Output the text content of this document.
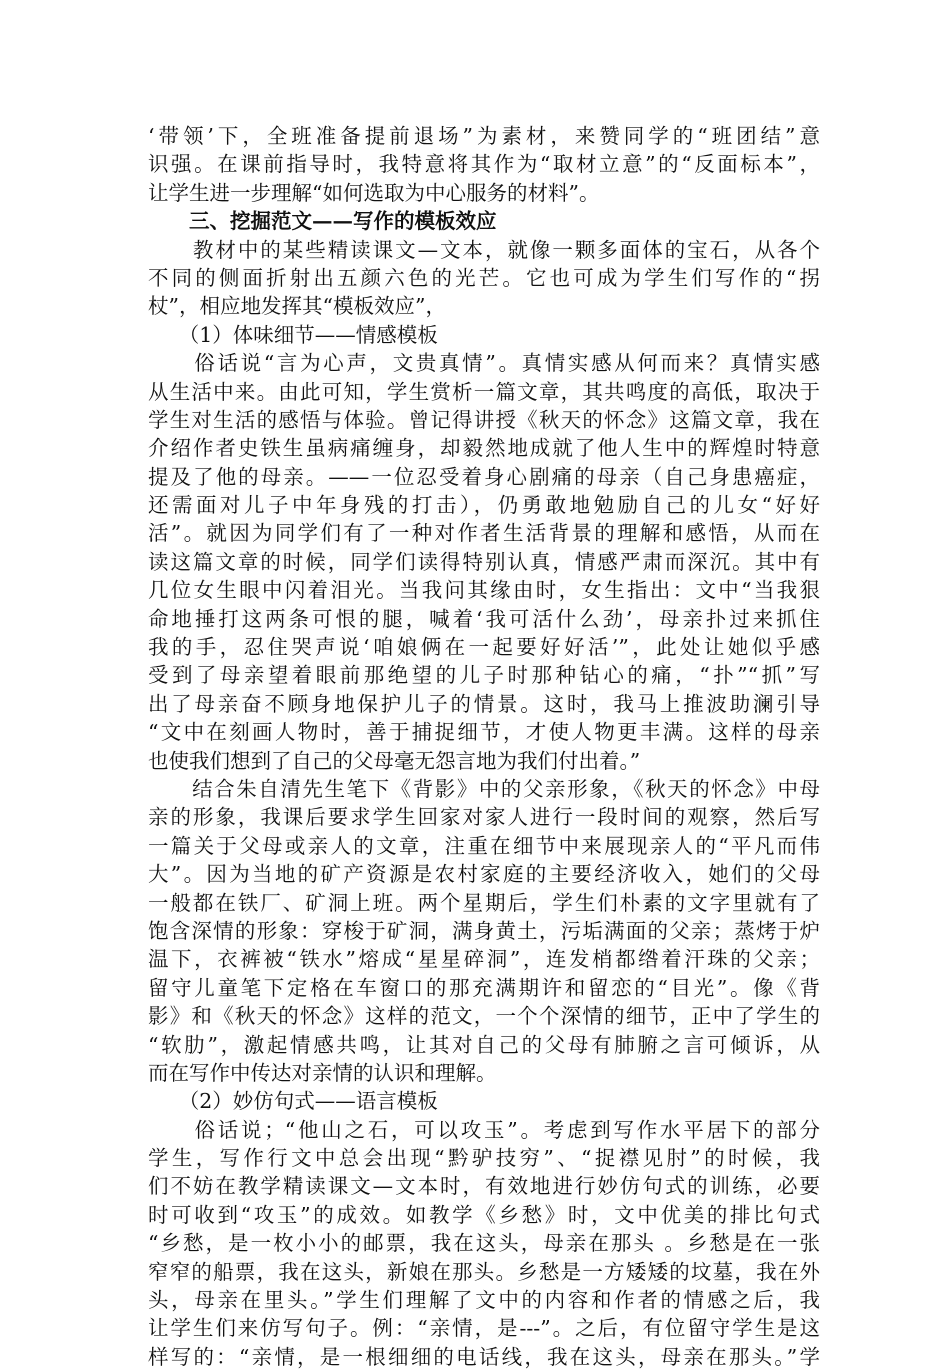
‘带领’下，全班准备提前退场”为素材，来赞同学的“班团结”意
识强。在课前指导时，我特意将其作为“取材立意”的“反面标本”，
让学生进一步理解“如何选取为中心服务的材料”。
　　三、挖掘范文——写作的模板效应
　　教材中的某些精读课文—文本，就像一颗多面体的宝石，从各个
不同的侧面折射出五颜六色的光芒。它也可成为学生们写作的“拐
杖”，相应地发挥其“模板效应”，
　　（1）体味细节——情感模板
　　俗话说“言为心声，文贵真情”。真情实感从何而来？真情实感
从生活中来。由此可知，学生赏析一篇文章，其共鸣度的高低，取决于
学生对生活的感悟与体验。曾记得讲授《秋天的怀念》这篇文章，我在
介绍作者史铁生虽病痛缠身，却毅然地成就了他人生中的辉煌时特意
提及了他的母亲。——一位忍受着身心剧痛的母亲（自己身患癌症，
还需面对儿子中年身残的打击），仍勇敢地勉励自己的儿女“好好
活”。就因为同学们有了一种对作者生活背景的理解和感悟，从而在
读这篇文章的时候，同学们读得特别认真，情感严肃而深沉。其中有
几位女生眼中闪着泪光。当我问其缘由时，女生指出：文中“当我狠
命地捶打这两条可恨的腿，喊着‘我可活什么劲’，母亲扑过来抓住
我的手，忍住哭声说‘咱娘俩在一起要好好活’”，此处让她似乎感
受到了母亲望着眼前那绝望的儿子时那种钻心的痛，“扑”“抓”写
出了母亲奋不顾身地保护儿子的情景。这时，我马上推波助澜引导
“文中在刻画人物时，善于捕捉细节，才使人物更丰满。这样的母亲
也使我们想到了自己的父母毫无怨言地为我们付出着。”
　　结合朱自清先生笔下《背影》中的父亲形象，《秋天的怀念》中母
亲的形象，我课后要求学生回家对家人进行一段时间的观察，然后写
一篇关于父母或亲人的文章，注重在细节中来展现亲人的“平凡而伟
大”。因为当地的矿产资源是农村家庭的主要经济收入，她们的父母
一般都在铁厂、矿洞上班。两个星期后，学生们朴素的文字里就有了
饱含深情的形象：穿梭于矿洞，满身黄土，污垢满面的父亲；蒸烤于炉
温下，衣裤被“铁水”熔成“星星碎洞”，连发梢都绺着汗珠的父亲；
留守儿童笔下定格在车窗口的那充满期许和留恋的“目光”。像《背
影》和《秋天的怀念》这样的范文，一个个深情的细节，正中了学生的
“软肋”，激起情感共鸣，让其对自己的父母有肺腑之言可倾诉，从
而在写作中传达对亲情的认识和理解。
　　（2）妙仿句式——语言模板
　　俗话说；“他山之石，可以攻玉”。考虑到写作水平居下的部分
学生，写作行文中总会出现“黔驴技穷”、“捉襟见肘”的时候，我
们不妨在教学精读课文—文本时，有效地进行妙仿句式的训练，必要
时可收到“攻玉”的成效。如教学《乡愁》时，文中优美的排比句式
“乡愁，是一枚小小的邮票，我在这头，母亲在那头 。乡愁是在一张
窄窄的船票，我在这头，新娘在那头。乡愁是一方矮矮的坟墓，我在外
头，母亲在里头。”学生们理解了文中的内容和作者的情感之后，我
让学生们来仿写句子。例：“亲情，是---”。之后，有位留守学生是这
样写的：“亲情，是一根细细的电话线，我在这头，母亲在那头。”学
